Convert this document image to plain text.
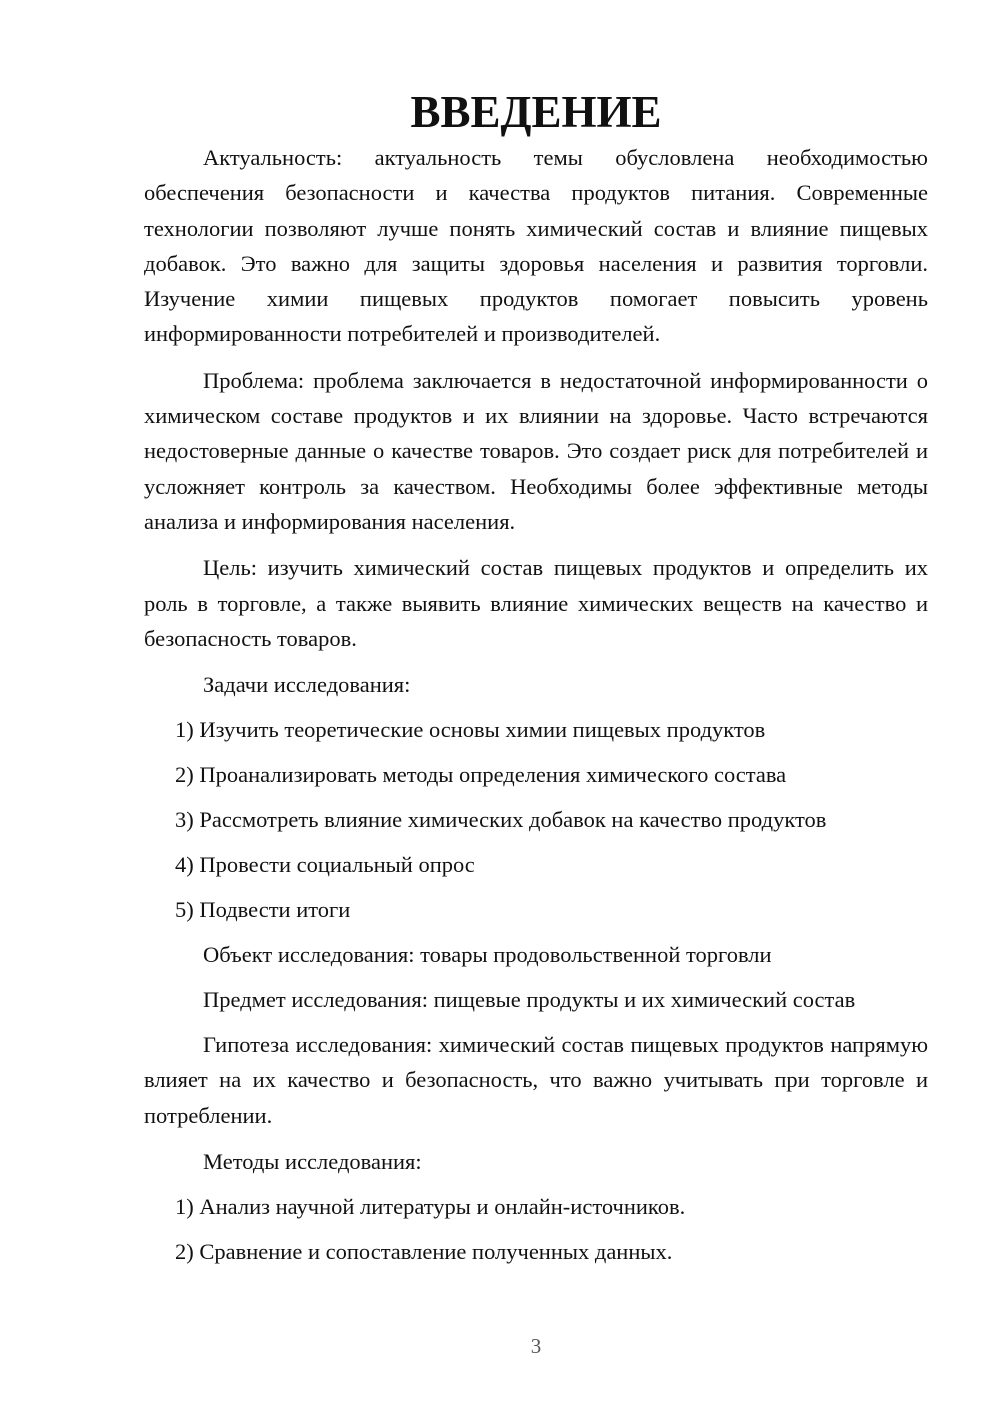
ВВЕДЕНИЕ

Актуальность: актуальность темы обусловлена необходимостью обеспечения безопасности и качества продуктов питания. Современные технологии позволяют лучше понять химический состав и влияние пищевых добавок. Это важно для защиты здоровья населения и развития торговли. Изучение химии пищевых продуктов помогает повысить уровень информированности потребителей и производителей.

Проблема: проблема заключается в недостаточной информированности о химическом составе продуктов и их влиянии на здоровье. Часто встречаются недостоверные данные о качестве товаров. Это создает риск для потребителей и усложняет контроль за качеством. Необходимы более эффективные методы анализа и информирования населения.

Цель: изучить химический состав пищевых продуктов и определить их роль в торговле, а также выявить влияние химических веществ на качество и безопасность товаров.

Задачи исследования:

1) Изучить теоретические основы химии пищевых продуктов

2) Проанализировать методы определения химического состава

3) Рассмотреть влияние химических добавок на качество продуктов

4) Провести социальный опрос

5) Подвести итоги

Объект исследования: товары продовольственной торговли

Предмет исследования: пищевые продукты и их химический состав

Гипотеза исследования: химический состав пищевых продуктов напрямую влияет на их качество и безопасность, что важно учитывать при торговле и потреблении.

Методы исследования:

1) Анализ научной литературы и онлайн-источников.

2) Сравнение и сопоставление полученных данных.

3
